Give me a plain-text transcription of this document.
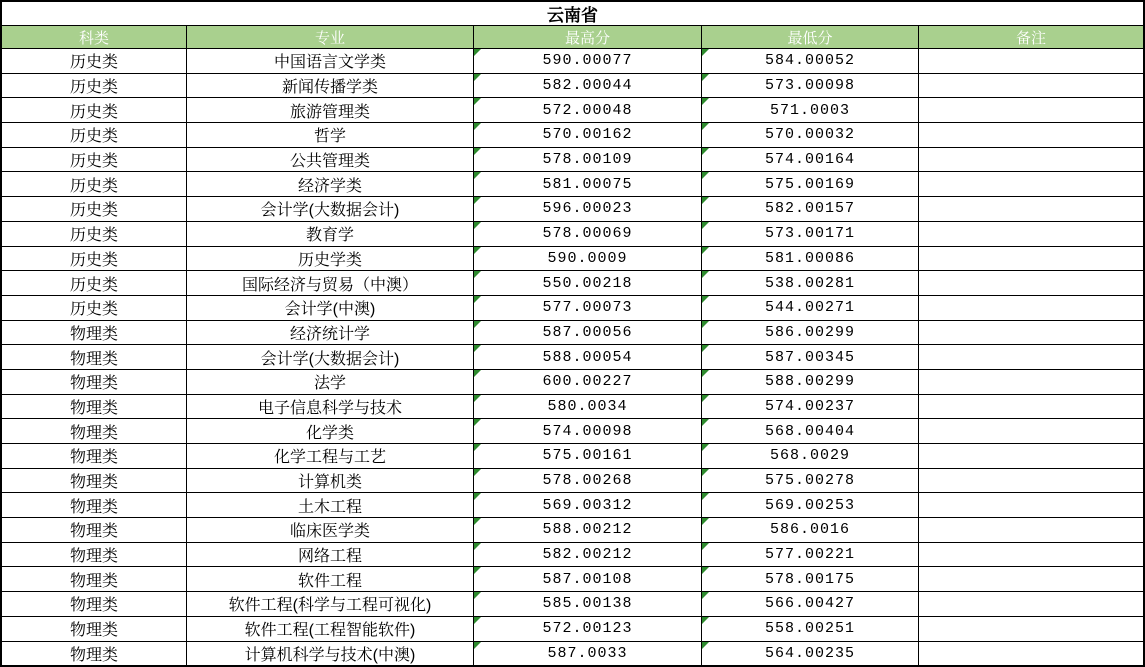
云南省
科类	专业	最高分	最低分	备注
历史类	中国语言文学类	590.00077	584.00052
历史类	新闻传播学类	582.00044	573.00098
历史类	旅游管理类	572.00048	571.0003
历史类	哲学	570.00162	570.00032
历史类	公共管理类	578.00109	574.00164
历史类	经济学类	581.00075	575.00169
历史类	会计学(大数据会计)	596.00023	582.00157
历史类	教育学	578.00069	573.00171
历史类	历史学类	590.0009	581.00086
历史类	国际经济与贸易（中澳）	550.00218	538.00281
历史类	会计学(中澳)	577.00073	544.00271
物理类	经济统计学	587.00056	586.00299
物理类	会计学(大数据会计)	588.00054	587.00345
物理类	法学	600.00227	588.00299
物理类	电子信息科学与技术	580.0034	574.00237
物理类	化学类	574.00098	568.00404
物理类	化学工程与工艺	575.00161	568.0029
物理类	计算机类	578.00268	575.00278
物理类	土木工程	569.00312	569.00253
物理类	临床医学类	588.00212	586.0016
物理类	网络工程	582.00212	577.00221
物理类	软件工程	587.00108	578.00175
物理类	软件工程(科学与工程可视化)	585.00138	566.00427
物理类	软件工程(工程智能软件)	572.00123	558.00251
物理类	计算机科学与技术(中澳)	587.0033	564.00235
